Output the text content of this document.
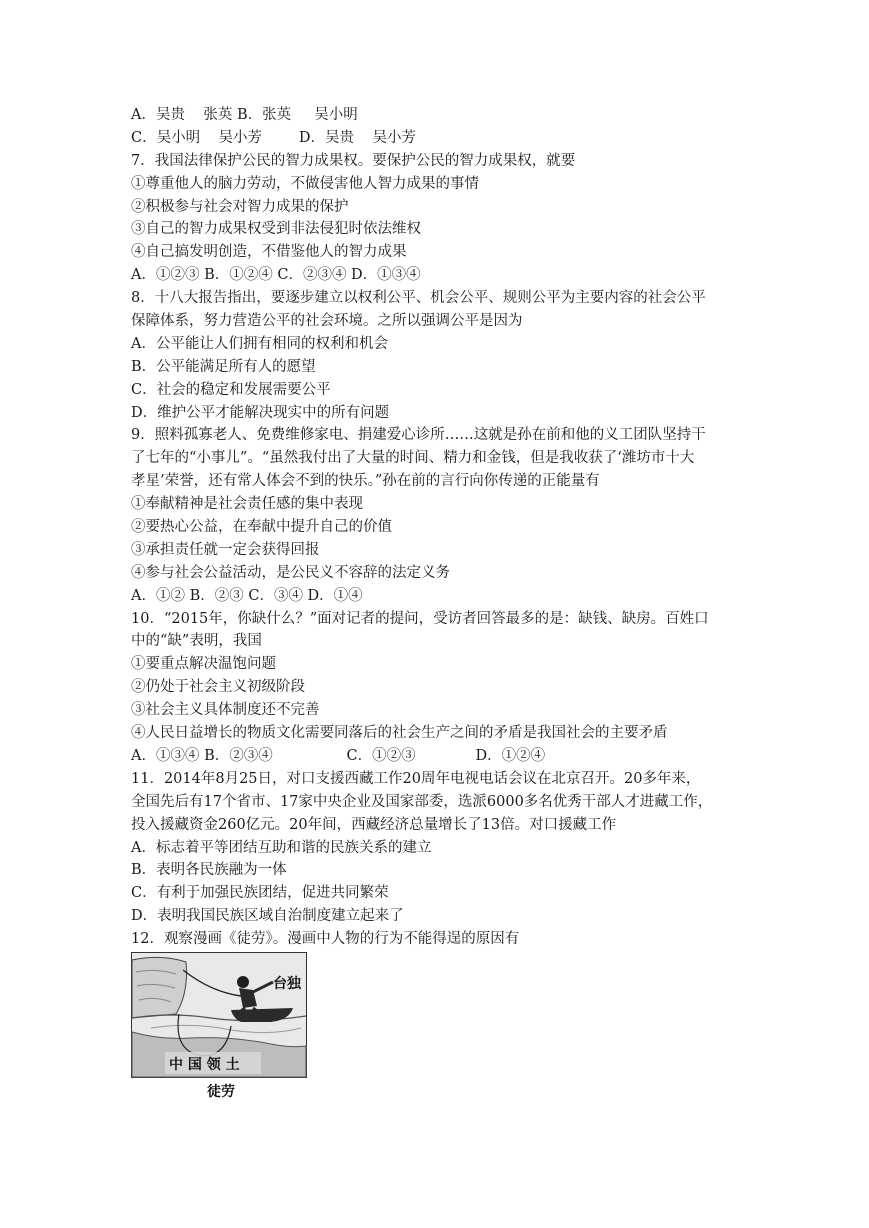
A．吴贵    张英 B．张英     吴小明
C．吴小明    吴小芳        D．吴贵    吴小芳
7．我国法律保护公民的智力成果权。要保护公民的智力成果权，就要
①尊重他人的脑力劳动，不做侵害他人智力成果的事情
②积极参与社会对智力成果的保护
③自己的智力成果权受到非法侵犯时依法维权
④自己搞发明创造，不借鉴他人的智力成果
A．①②③ B．①②④ C．②③④ D．①③④
8．十八大报告指出，要逐步建立以权利公平、机会公平、规则公平为主要内容的社会公平
保障体系，努力营造公平的社会环境。之所以强调公平是因为
A．公平能让人们拥有相同的权利和机会
B．公平能满足所有人的愿望
C．社会的稳定和发展需要公平
D．维护公平才能解决现实中的所有问题
9．照料孤寡老人、免费维修家电、捐建爱心诊所……这就是孙在前和他的义工团队坚持干
了七年的“小事儿”。“虽然我付出了大量的时间、精力和金钱，但是我收获了‘潍坊市十大
孝星’荣誉，还有常人体会不到的快乐。”孙在前的言行向你传递的正能量有
①奉献精神是社会责任感的集中表现
②要热心公益，在奉献中提升自己的价值
③承担责任就一定会获得回报
④参与社会公益活动，是公民义不容辞的法定义务
A．①② B．②③ C．③④ D．①④
10．“2015年，你缺什么？”面对记者的提问，受访者回答最多的是：缺钱、缺房。百姓口
中的“缺”表明，我国
①要重点解决温饱问题
②仍处于社会主义初级阶段
③社会主义具体制度还不完善
④人民日益增长的物质文化需要同落后的社会生产之间的矛盾是我国社会的主要矛盾
A．①③④ B．②③④                C．①②③             D．①②④
11．2014年8月25日，对口支援西藏工作20周年电视电话会议在北京召开。20多年来，
全国先后有17个省市、17家中央企业及国家部委，选派6000多名优秀干部人才进藏工作，
投入援藏资金260亿元。20年间，西藏经济总量增长了13倍。对口援藏工作
A．标志着平等团结互助和谐的民族关系的建立
B．表明各民族融为一体
C．有利于加强民族团结，促进共同繁荣
D．表明我国民族区域自治制度建立起来了
12．观察漫画《徒劳》。漫画中人物的行为不能得逞的原因有
台独
中 国 领 土
徒劳
